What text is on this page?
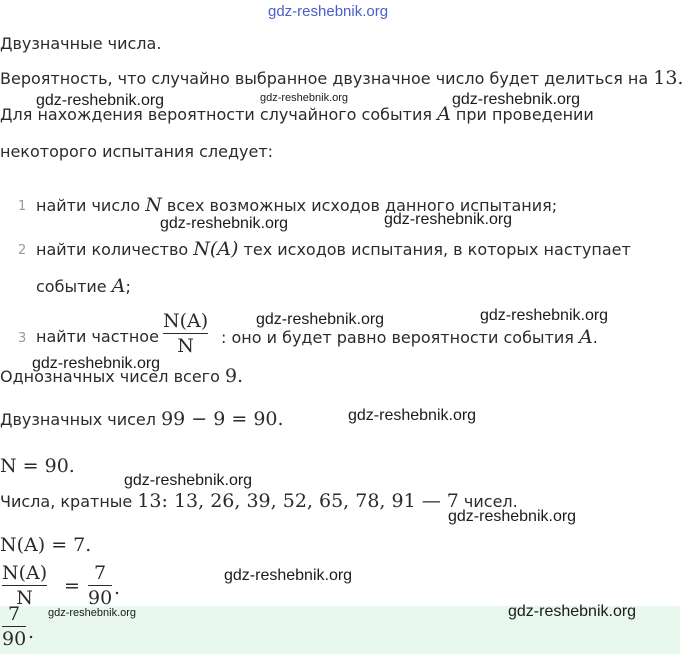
Двузначные числа.
Вероятность, что случайно выбранное двузначное число будет делиться на 13.
Для нахождения вероятности случайного события A при проведении
некоторого испытания следует:
1 найти число N всех возможных исходов данного испытания;
2 найти количество N(A) тех исходов испытания, в которых наступает
событие A;
3 найти частное
N(A)
N	: оно и будет равно вероятности события A.
Однозначных чисел всего 9.
Двузначных чисел 99 − 9 = 90.
N = 90.
Числа, кратные 13: 13, 26, 39, 52, 65, 78, 91 — 7 чисел.
N(A) = 7.
N(A)
N
=
7
90 .
7
90 .
gdz-reshebnik.org
gdz-reshebnik.org	gdz-reshebnik.org	gdz-reshebnik.org
gdz-reshebnik.org	gdz-reshebnik.org
gdz-reshebnik.org	gdz-reshebnik.org
gdz-reshebnik.org
gdz-reshebnik.org
gdz-reshebnik.org
gdz-reshebnik.org
gdz-reshebnik.org
gdz-reshebnik.org	gdz-reshebnik.org
